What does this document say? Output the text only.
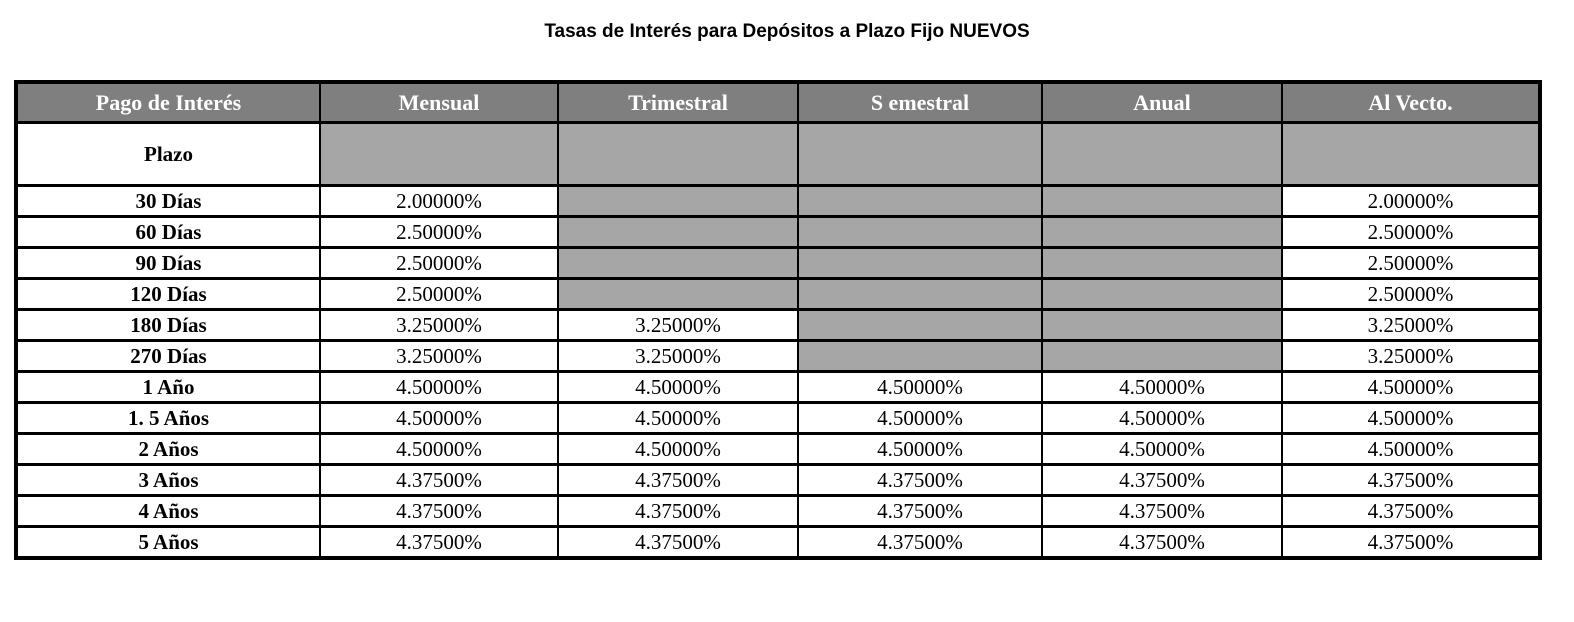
Tasas de Interés para Depósitos a Plazo Fijo NUEVOS
Pago de Interés	Mensual	Trimestral	S emestral	Anual	Al Vecto.
Plazo					
30 Días	2.00000%				2.00000%
60 Días	2.50000%				2.50000%
90 Días	2.50000%				2.50000%
120 Días	2.50000%				2.50000%
180 Días	3.25000%	3.25000%			3.25000%
270 Días	3.25000%	3.25000%			3.25000%
1 Año	4.50000%	4.50000%	4.50000%	4.50000%	4.50000%
1. 5 Años	4.50000%	4.50000%	4.50000%	4.50000%	4.50000%
2 Años	4.50000%	4.50000%	4.50000%	4.50000%	4.50000%
3 Años	4.37500%	4.37500%	4.37500%	4.37500%	4.37500%
4 Años	4.37500%	4.37500%	4.37500%	4.37500%	4.37500%
5 Años	4.37500%	4.37500%	4.37500%	4.37500%	4.37500%
